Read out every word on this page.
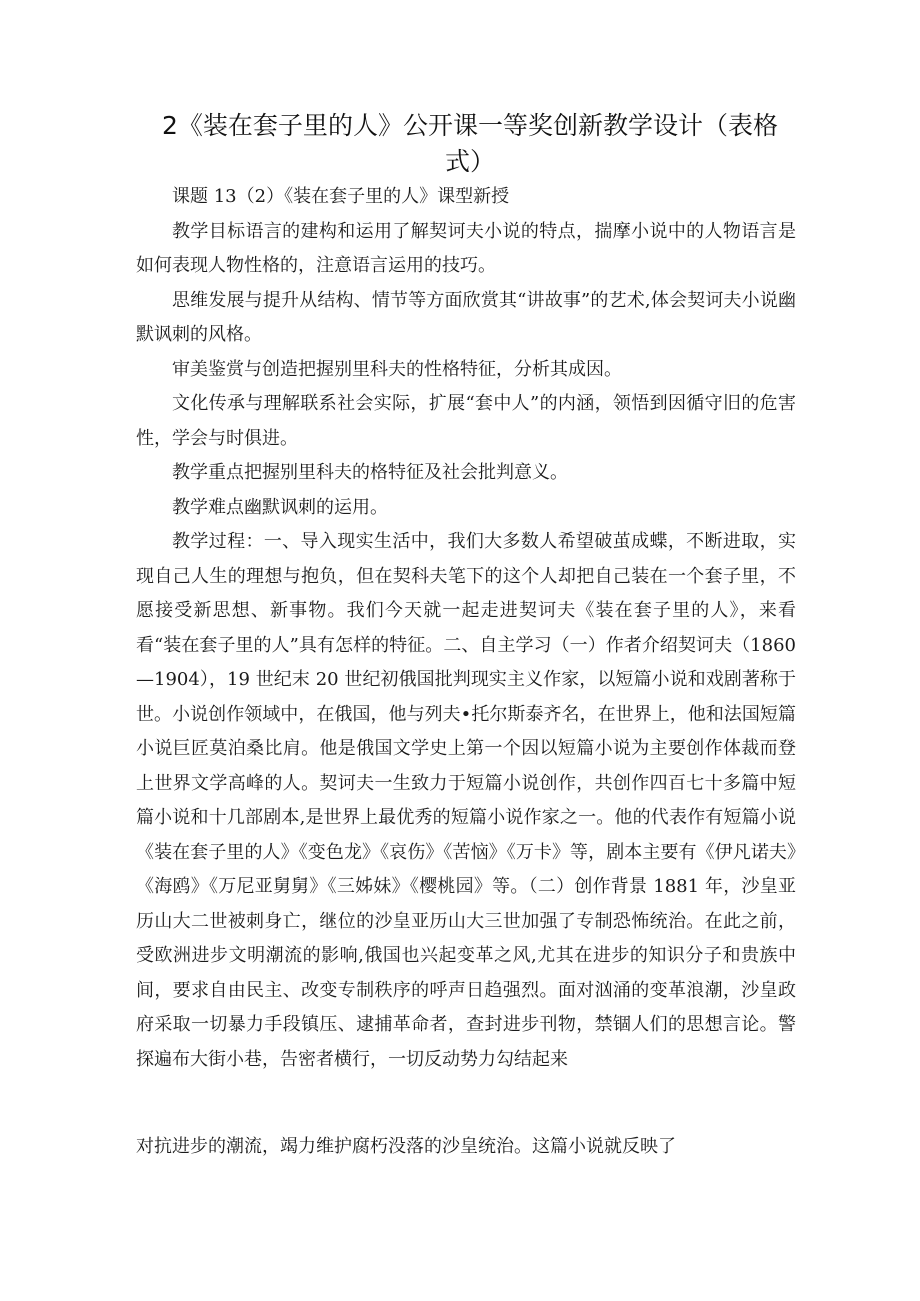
2《装在套子里的人》公开课一等奖创新教学设计（表格式）

课题 13（2）《装在套子里的人》课型新授

教学目标语言的建构和运用了解契诃夫小说的特点，揣摩小说中的人物语言是如何表现人物性格的，注意语言运用的技巧。

思维发展与提升从结构、情节等方面欣赏其“讲故事”的艺术,体会契诃夫小说幽默讽刺的风格。

审美鉴赏与创造把握别里科夫的性格特征，分析其成因。

文化传承与理解联系社会实际，扩展“套中人”的内涵，领悟到因循守旧的危害性，学会与时俱进。

教学重点把握别里科夫的格特征及社会批判意义。

教学难点幽默讽刺的运用。

教学过程：一、导入现实生活中，我们大多数人希望破茧成蝶，不断进取，实现自己人生的理想与抱负，但在契科夫笔下的这个人却把自己装在一个套子里，不愿接受新思想、新事物。我们今天就一起走进契诃夫《装在套子里的人》，来看看“装在套子里的人”具有怎样的特征。二、自主学习（一）作者介绍契诃夫（1860—1904），19 世纪末 20 世纪初俄国批判现实主义作家，以短篇小说和戏剧著称于世。小说创作领域中，在俄国，他与列夫•托尔斯泰齐名，在世界上，他和法国短篇小说巨匠莫泊桑比肩。他是俄国文学史上第一个因以短篇小说为主要创作体裁而登上世界文学高峰的人。契诃夫一生致力于短篇小说创作，共创作四百七十多篇中短篇小说和十几部剧本,是世界上最优秀的短篇小说作家之一。他的代表作有短篇小说《装在套子里的人》《变色龙》《哀伤》《苦恼》《万卡》等，剧本主要有《伊凡诺夫》《海鸥》《万尼亚舅舅》《三姊妹》《樱桃园》等。（二）创作背景 1881 年，沙皇亚历山大二世被刺身亡，继位的沙皇亚历山大三世加强了专制恐怖统治。在此之前，受欧洲进步文明潮流的影响,俄国也兴起变革之风,尤其在进步的知识分子和贵族中间，要求自由民主、改变专制秩序的呼声日趋强烈。面对汹涌的变革浪潮，沙皇政府采取一切暴力手段镇压、逮捕革命者，查封进步刊物，禁锢人们的思想言论。警探遍布大街小巷，告密者横行，一切反动势力勾结起来

对抗进步的潮流，竭力维护腐朽没落的沙皇统治。这篇小说就反映了
